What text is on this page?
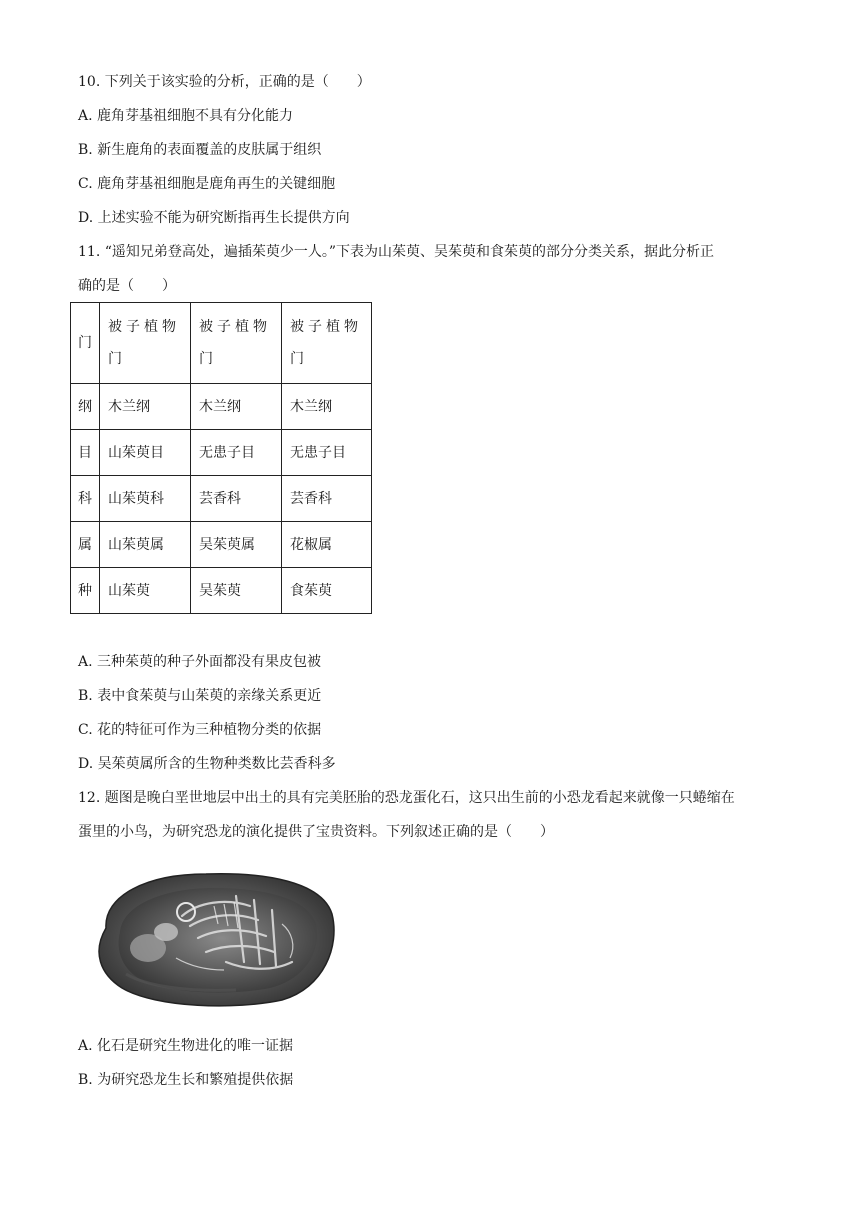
10. 下列关于该实验的分析，正确的是（　　）
A. 鹿角芽基祖细胞不具有分化能力
B. 新生鹿角的表面覆盖的皮肤属于组织
C. 鹿角芽基祖细胞是鹿角再生的关键细胞
D. 上述实验不能为研究断指再生长提供方向
11. “遥知兄弟登高处，遍插茱萸少一人。”下表为山茱萸、吴茱萸和食茱萸的部分分类关系，据此分析正
确的是（　　）
门	被子植物门	被子植物门	被子植物门

纲	木兰纲	木兰纲	木兰纲
目	山茱萸目	无患子目	无患子目
科	山茱萸科	芸香科	芸香科
属	山茱萸属	吴茱萸属	花椒属
种	山茱萸	吴茱萸	食茱萸
A. 三种茱萸的种子外面都没有果皮包被
B. 表中食茱萸与山茱萸的亲缘关系更近
C. 花的特征可作为三种植物分类的依据
D. 吴茱萸属所含的生物种类数比芸香科多
12. 题图是晚白垩世地层中出土的具有完美胚胎的恐龙蛋化石，这只出生前的小恐龙看起来就像一只蜷缩在
蛋里的小鸟，为研究恐龙的演化提供了宝贵资料。下列叙述正确的是（　　）
A. 化石是研究生物进化的唯一证据
B. 为研究恐龙生长和繁殖提供依据
